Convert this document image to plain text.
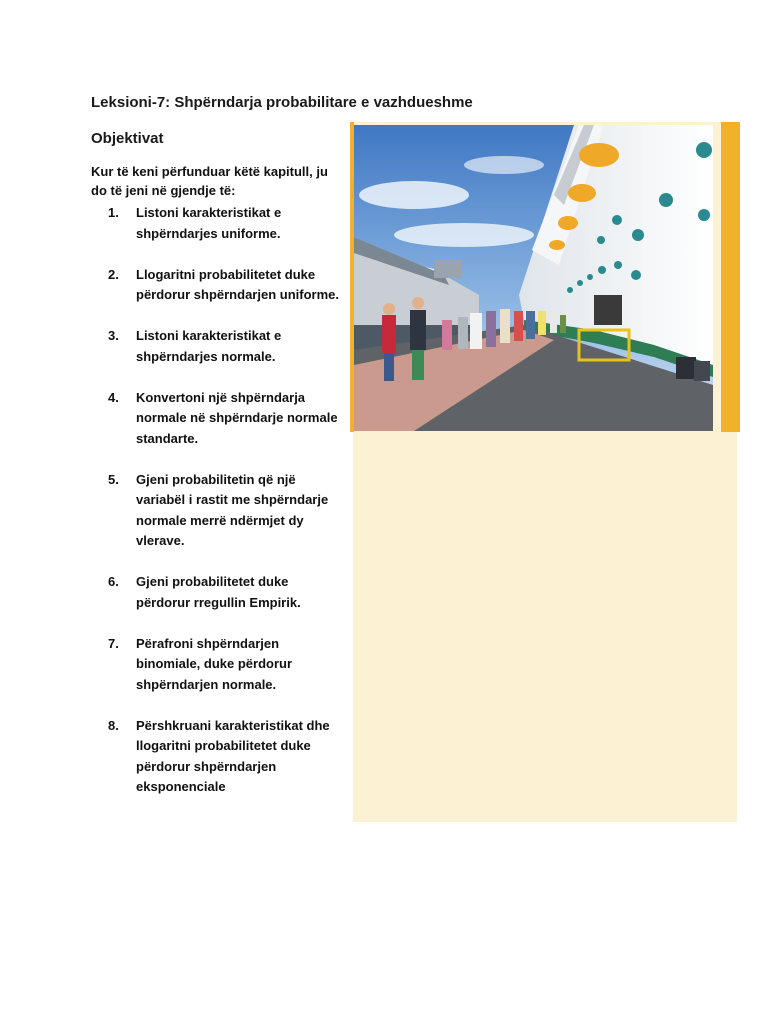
Leksioni-7: Shpërndarja probabilitare e vazhdueshme
Objektivat

Kur të keni përfunduar këtë kapitull, ju do të jeni në gjendje të:

1.	Listoni karakteristikat e shpërndarjes uniforme.
2.	Llogaritni probabilitetet duke përdorur shpërndarjen uniforme.
3.	Listoni karakteristikat e shpërndarjes normale.
4.	Konvertoni një shpërndarja normale në shpërndarje normale standarte.
5.	Gjeni probabilitetin që një variabël i rastit me shpërndarje normale merrë ndërmjet dy vlerave.
6.	Gjeni probabilitetet duke përdorur rregullin Empirik.
7.	Përafroni shpërndarjen binomiale, duke përdorur shpërndarjen normale.
8.	Përshkruani karakteristikat dhe llogaritni probabilitetet duke përdorur shpërndarjen eksponenciale
